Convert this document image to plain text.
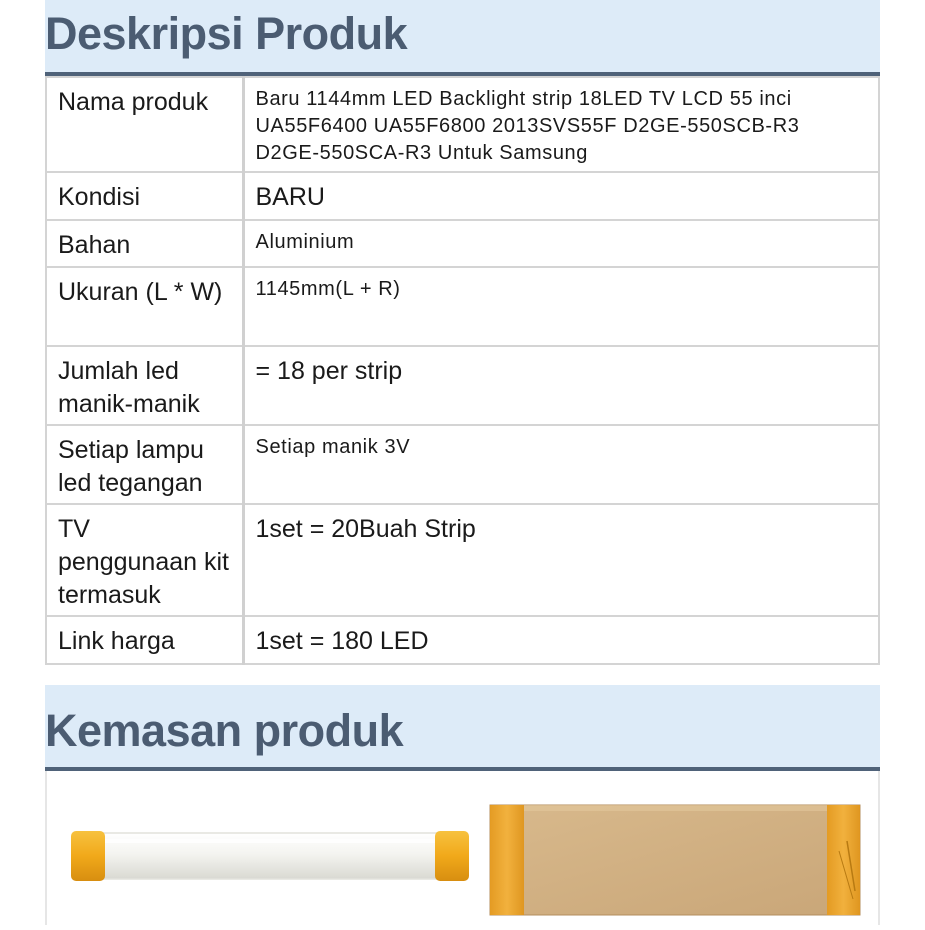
Deskripsi Produk
Nama produk	Baru 1144mm LED Backlight strip 18LED TV LCD 55 inci UA55F6400 UA55F6800 2013SVS55F D2GE-550SCB-R3 D2GE-550SCA-R3 Untuk Samsung
Kondisi	BARU
Bahan	Aluminium
Ukuran (L * W)	1145mm(L + R)
Jumlah led manik-manik	= 18 per strip
Setiap lampu led tegangan	Setiap manik 3V
TV penggunaan kit termasuk	1set = 20Buah Strip
Link harga	1set = 180 LED
Kemasan produk
